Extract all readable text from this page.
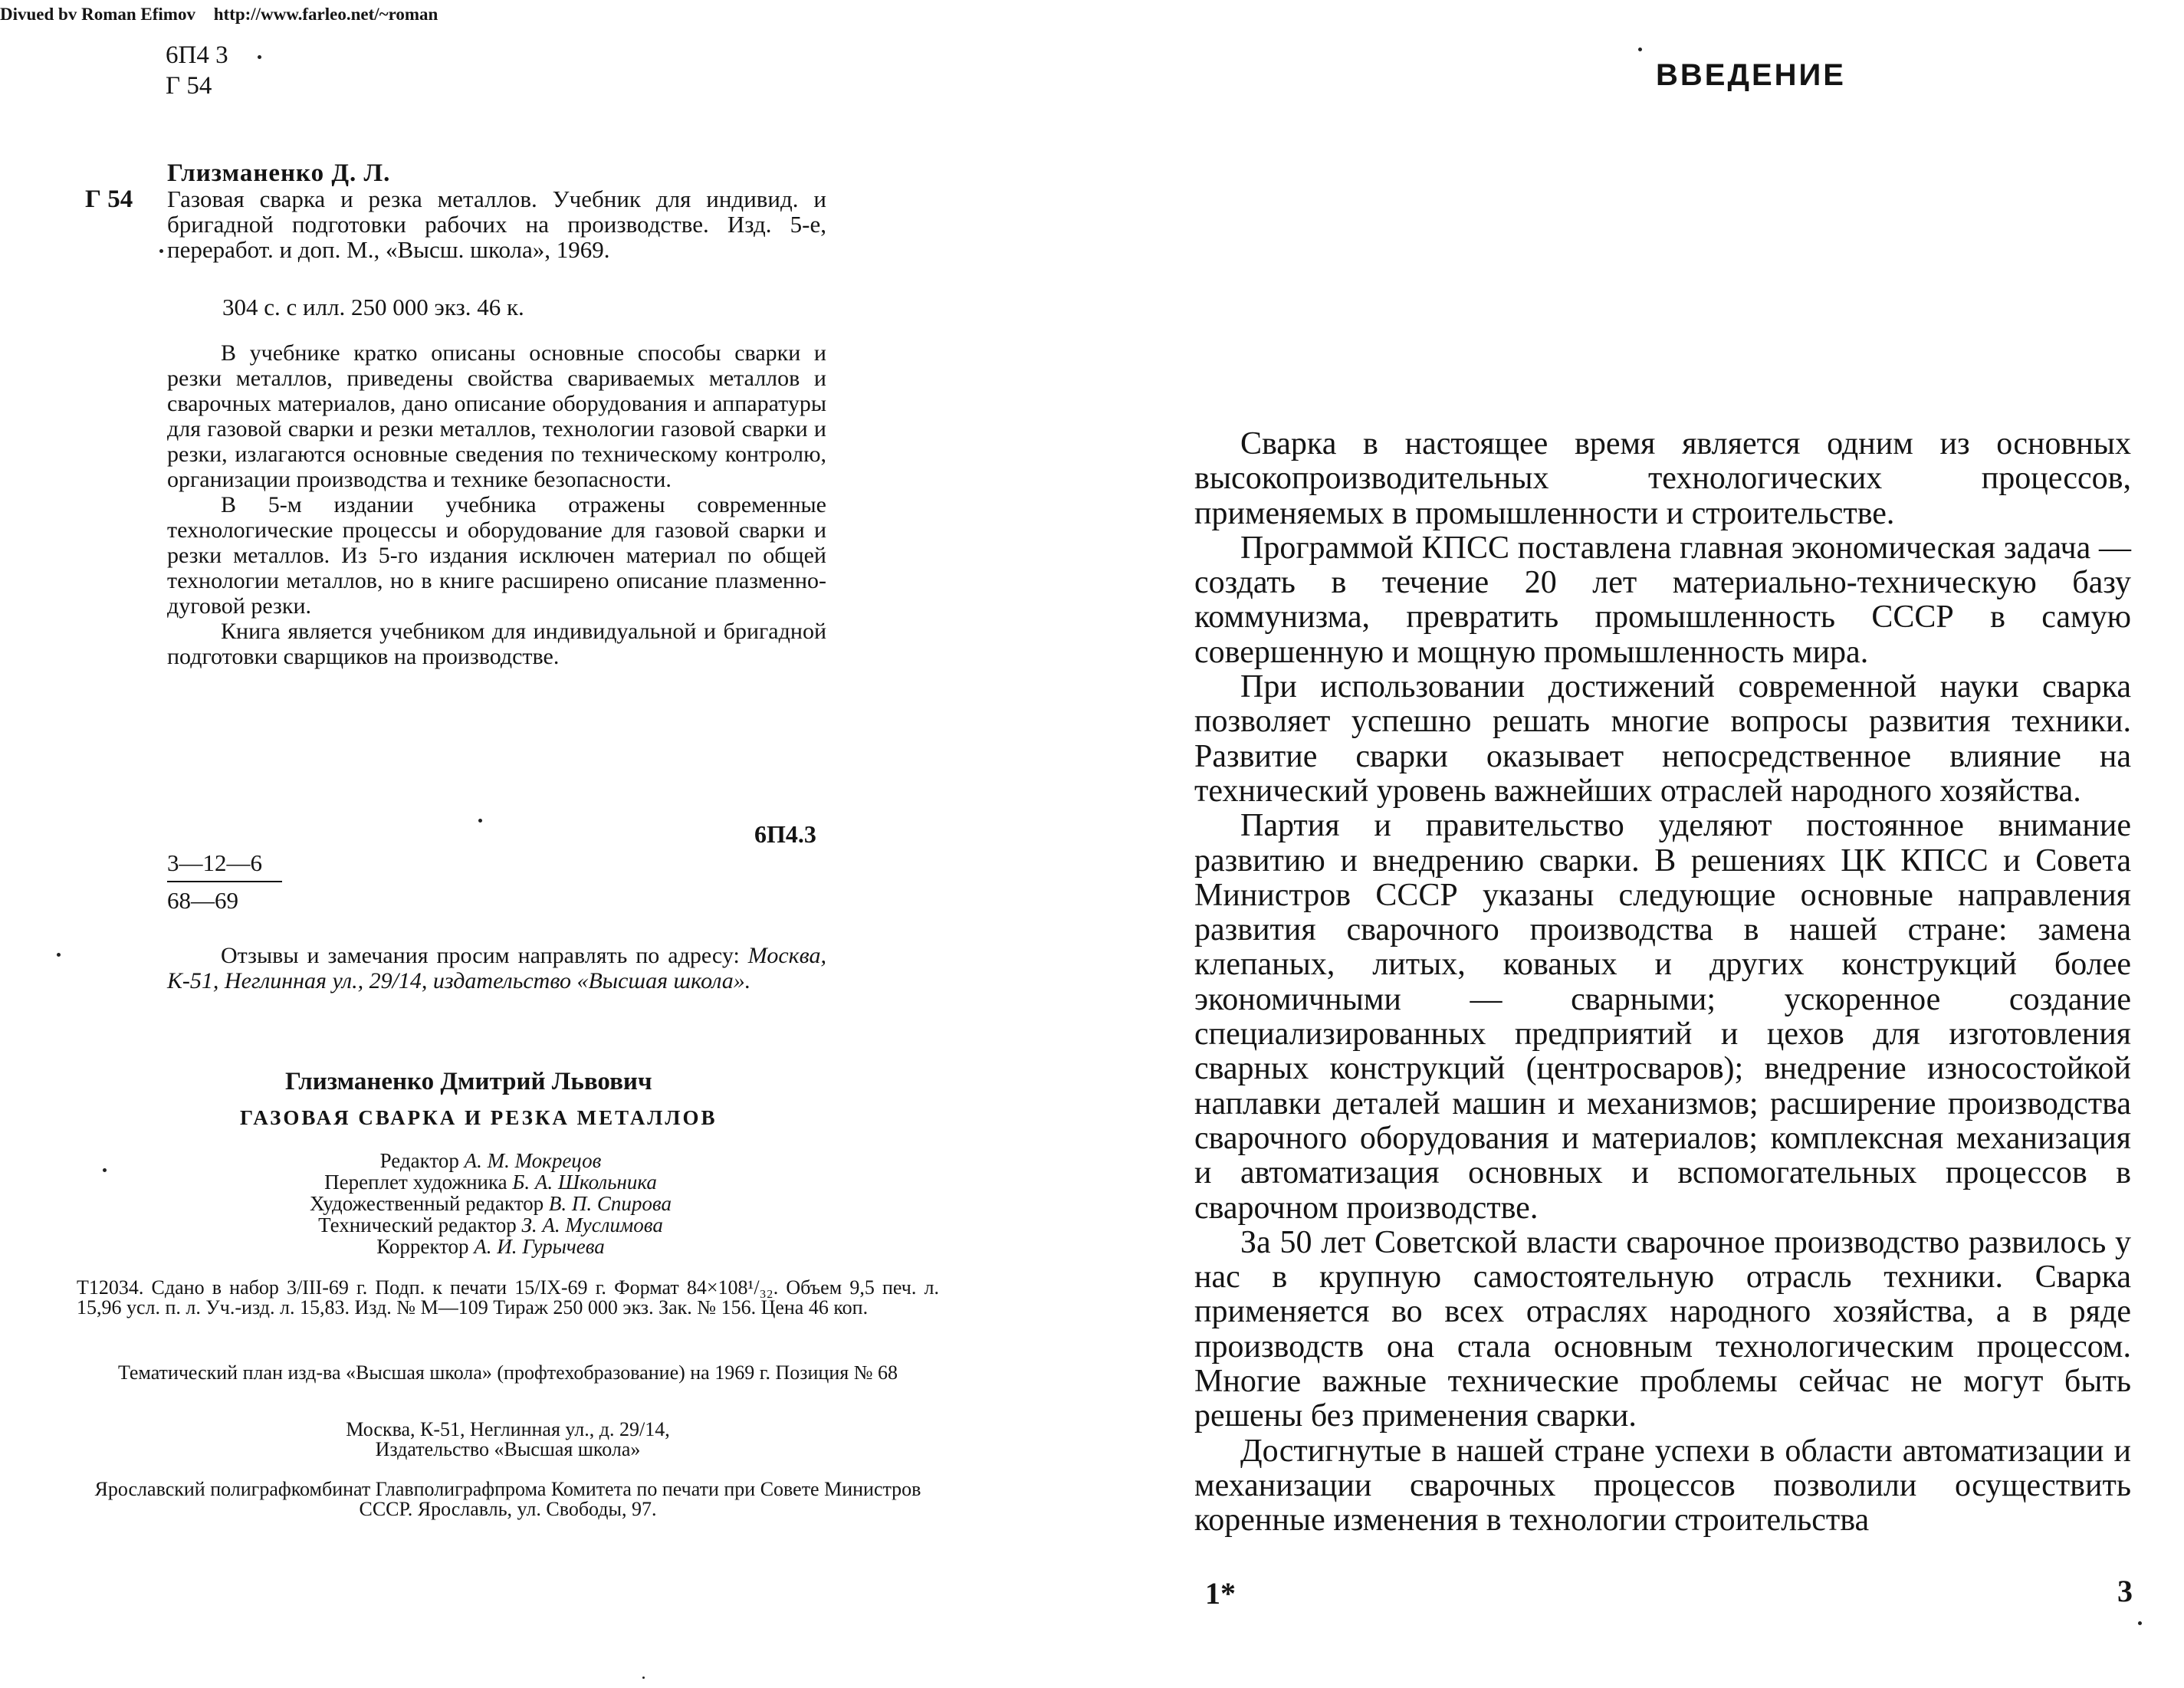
Divued bv Roman Efimov http://www.farleo.net/~roman
6П4 3
Г 54
Глизманенко Д. Л.
Г 54 Газовая сварка и резка металлов. Учебник для индивид. и бригадной подготовки рабочих на производстве. Изд. 5-е, переработ. и доп. М., «Высш. школа», 1969.
304 с. с илл. 250 000 экз. 46 к.

В учебнике кратко описаны основные способы сварки и резки металлов, приведены свойства свариваемых металлов и сварочных материалов, дано описание оборудования и аппаратуры для газовой сварки и резки металлов, технологии газовой сварки и резки, излагаются основные сведения по техническому контролю, организации производства и технике безопасности.

В 5-м издании учебника отражены современные технологические процессы и оборудование для газовой сварки и резки металлов. Из 5-го издания исключен материал по общей технологии металлов, но в книге расширено описание плазменно-дуговой резки.

Книга является учебником для индивидуальной и бригадной подготовки сварщиков на производстве.

6П4.3
3—12—6
68—69

Отзывы и замечания просим направлять по адресу: Москва, К-51, Неглинная ул., 29/14, издательство «Высшая школа».

Глизманенко Дмитрий Львович
ГАЗОВАЯ СВАРКА И РЕЗКА МЕТАЛЛОВ
Редактор А. М. Мокрецов
Переплет художника Б. А. Школьника
Художественный редактор В. П. Спирова
Технический редактор З. А. Муслимова
Корректор А. И. Гурычева
Т12034. Сдано в набор 3/III-69 г. Подп. к печати 15/IX-69 г. Формат 84×108¹/₃₂. Объем 9,5 печ. л. 15,96 усл. п. л. Уч.-изд. л. 15,83. Изд. № М—109 Тираж 250 000 экз. Зак. № 156. Цена 46 коп.
Тематический план изд-ва «Высшая школа» (профтехобразование) на 1969 г. Позиция № 68
Москва, К-51, Неглинная ул., д. 29/14,
Издательство «Высшая школа»
Ярославский полиграфкомбинат Главполиграфпрома Комитета по печати при Совете Министров СССР. Ярославль, ул. Свободы, 97.
ВВЕДЕНИЕ

Сварка в настоящее время является одним из основных высокопроизводительных технологических процессов, применяемых в промышленности и строительстве.

Программой КПСС поставлена главная экономическая задача — создать в течение 20 лет материально-техническую базу коммунизма, превратить промышленность СССР в самую совершенную и мощную промышленность мира.

При использовании достижений современной науки сварка позволяет успешно решать многие вопросы развития техники. Развитие сварки оказывает непосредственное влияние на технический уровень важнейших отраслей народного хозяйства.

Партия и правительство уделяют постоянное внимание развитию и внедрению сварки. В решениях ЦК КПСС и Совета Министров СССР указаны следующие основные направления развития сварочного производства в нашей стране: замена клепаных, литых, кованых и других конструкций более экономичными — сварными; ускоренное создание специализированных предприятий и цехов для изготовления сварных конструкций (центросваров); внедрение износостойкой наплавки деталей машин и механизмов; расширение производства сварочного оборудования и материалов; комплексная механизация и автоматизация основных и вспомогательных процессов в сварочном производстве.

За 50 лет Советской власти сварочное производство развилось у нас в крупную самостоятельную отрасль техники. Сварка применяется во всех отраслях народного хозяйства, а в ряде производств она стала основным технологическим процессом. Многие важные технические проблемы сейчас не могут быть решены без применения сварки.

Достигнутые в нашей стране успехи в области автоматизации и механизации сварочных процессов позволили осуществить коренные изменения в технологии строительства

1*	3
